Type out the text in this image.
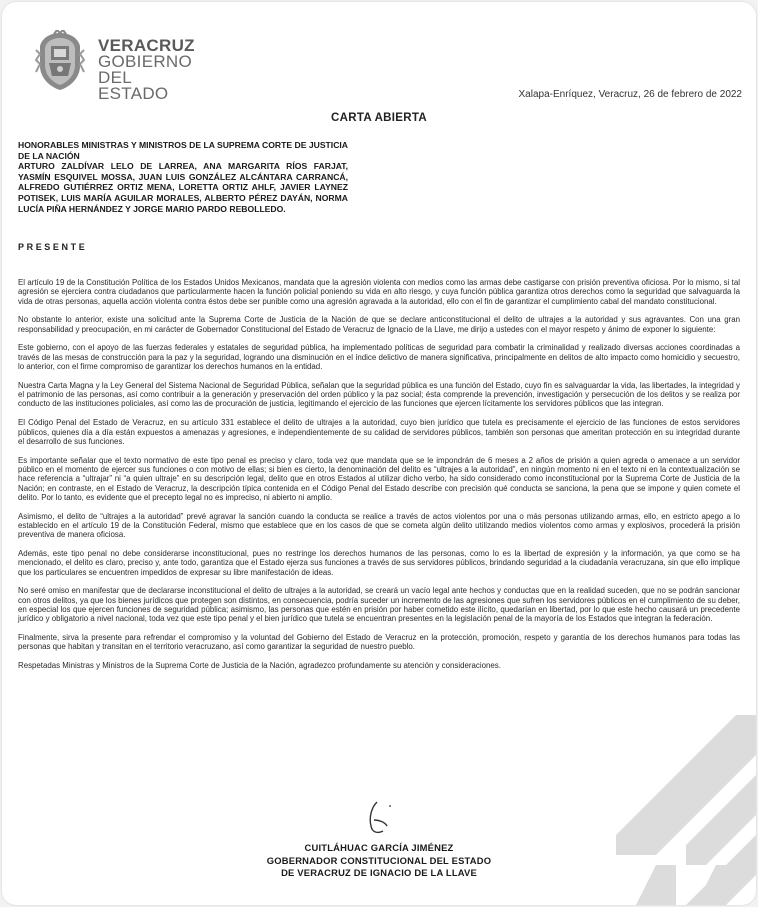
VERACRUZ
GOBIERNO
DEL ESTADO	Xalapa-Enríquez, Veracruz, 26 de febrero de 2022
CARTA ABIERTA
HONORABLES MINISTRAS Y MINISTROS DE LA SUPREMA CORTE DE JUSTICIA DE LA NACIÓN
ARTURO ZALDÍVAR LELO DE LARREA, ANA MARGARITA RÍOS FARJAT, YASMÍN ESQUIVEL MOSSA, JUAN LUIS GONZÁLEZ ALCÁNTARA CARRANCÁ, ALFREDO GUTIÉRREZ ORTIZ MENA, LORETTA ORTIZ AHLF, JAVIER LAYNEZ POTISEK, LUIS MARÍA AGUILAR MORALES, ALBERTO PÉREZ DAYÁN, NORMA LUCÍA PIÑA HERNÁNDEZ Y JORGE MARIO PARDO REBOLLEDO.
PRESENTE

El artículo 19 de la Constitución Política de los Estados Unidos Mexicanos, mandata que la agresión violenta con medios como las armas debe castigarse con prisión preventiva oficiosa. Por lo mismo, si tal agresión se ejerciera contra ciudadanos que particularmente hacen la función policial poniendo su vida en alto riesgo, y cuya función pública garantiza otros derechos como la seguridad que salvaguarda la vida de otras personas, aquella acción violenta contra éstos debe ser punible como una agresión agravada a la autoridad, ello con el fin de garantizar el cumplimiento cabal del mandato constitucional.

No obstante lo anterior, existe una solicitud ante la Suprema Corte de Justicia de la Nación de que se declare anticonstitucional el delito de ultrajes a la autoridad y sus agravantes. Con una gran responsabilidad y preocupación, en mi carácter de Gobernador Constitucional del Estado de Veracruz de Ignacio de la Llave, me dirijo a ustedes con el mayor respeto y ánimo de exponer lo siguiente:

Este gobierno, con el apoyo de las fuerzas federales y estatales de seguridad pública, ha implementado políticas de seguridad para combatir la criminalidad y realizado diversas acciones coordinadas a través de las mesas de construcción para la paz y la seguridad, logrando una disminución en el índice delictivo de manera significativa, principalmente en delitos de alto impacto como homicidio y secuestro, lo anterior, con el firme compromiso de garantizar los derechos humanos en la entidad.

Nuestra Carta Magna y la Ley General del Sistema Nacional de Seguridad Pública, señalan que la seguridad pública es una función del Estado, cuyo fin es salvaguardar la vida, las libertades, la integridad y el patrimonio de las personas, así como contribuir a la generación y preservación del orden público y la paz social; ésta comprende la prevención, investigación y persecución de los delitos y se realiza por conducto de las instituciones policiales, así como las de procuración de justicia, legitimando el ejercicio de las funciones que ejercen lícitamente los servidores públicos que las integran.

El Código Penal del Estado de Veracruz, en su artículo 331 establece el delito de ultrajes a la autoridad, cuyo bien jurídico que tutela es precisamente el ejercicio de las funciones de estos servidores públicos, quienes día a día están expuestos a amenazas y agresiones, e independientemente de su calidad de servidores públicos, también son personas que ameritan protección en su integridad durante el desarrollo de sus funciones.

Es importante señalar que el texto normativo de este tipo penal es preciso y claro, toda vez que mandata que se le impondrán de 6 meses a 2 años de prisión a quien agreda o amenace a un servidor público en el momento de ejercer sus funciones o con motivo de ellas; si bien es cierto, la denominación del delito es “ultrajes a la autoridad”, en ningún momento ni en el texto ni en la contextualización se hace referencia a “ultrajar” ni “a quien ultraje” en su descripción legal, delito que en otros Estados al utilizar dicho verbo, ha sido considerado como inconstitucional por la Suprema Corte de Justicia de la Nación; en contraste, en el Estado de Veracruz, la descripción típica contenida en el Código Penal del Estado describe con precisión qué conducta se sanciona, la pena que se impone y quien comete el delito. Por lo tanto, es evidente que el precepto legal no es impreciso, ni abierto ni amplio.

Asimismo, el delito de “ultrajes a la autoridad” prevé agravar la sanción cuando la conducta se realice a través de actos violentos por una o más personas utilizando armas, ello, en estricto apego a lo establecido en el artículo 19 de la Constitución Federal, mismo que establece que en los casos de que se cometa algún delito utilizando medios violentos como armas y explosivos, procederá la prisión preventiva de manera oficiosa.

Además, este tipo penal no debe considerarse inconstitucional, pues no restringe los derechos humanos de las personas, como lo es la libertad de expresión y la información, ya que como se ha mencionado, el delito es claro, preciso y, ante todo, garantiza que el Estado ejerza sus funciones a través de sus servidores públicos, brindando seguridad a la ciudadanía veracruzana, sin que ello implique que los particulares se encuentren impedidos de expresar su libre manifestación de ideas.

No seré omiso en manifestar que de declararse inconstitucional el delito de ultrajes a la autoridad, se creará un vacío legal ante hechos y conductas que en la realidad suceden, que no se podrán sancionar con otros delitos, ya que los bienes jurídicos que protegen son distintos, en consecuencia, podría suceder un incremento de las agresiones que sufren los servidores públicos en el cumplimiento de su deber, en especial los que ejercen funciones de seguridad pública; asimismo, las personas que estén en prisión por haber cometido este ilícito, quedarían en libertad, por lo que este hecho causará un precedente jurídico y obligatorio a nivel nacional, toda vez que este tipo penal y el bien jurídico que tutela se encuentran presentes en la legislación penal de la mayoría de los Estados que integran la federación.

Finalmente, sirva la presente para refrendar el compromiso y la voluntad del Gobierno del Estado de Veracruz en la protección, promoción, respeto y garantía de los derechos humanos para todas las personas que habitan y transitan en el territorio veracruzano, así como garantizar la seguridad de nuestro pueblo.

Respetadas Ministras y Ministros de la Suprema Corte de Justicia de la Nación, agradezco profundamente su atención y consideraciones.

CUITLÁHUAC GARCÍA JIMÉNEZ
GOBERNADOR CONSTITUCIONAL DEL ESTADO
DE VERACRUZ DE IGNACIO DE LA LLAVE
